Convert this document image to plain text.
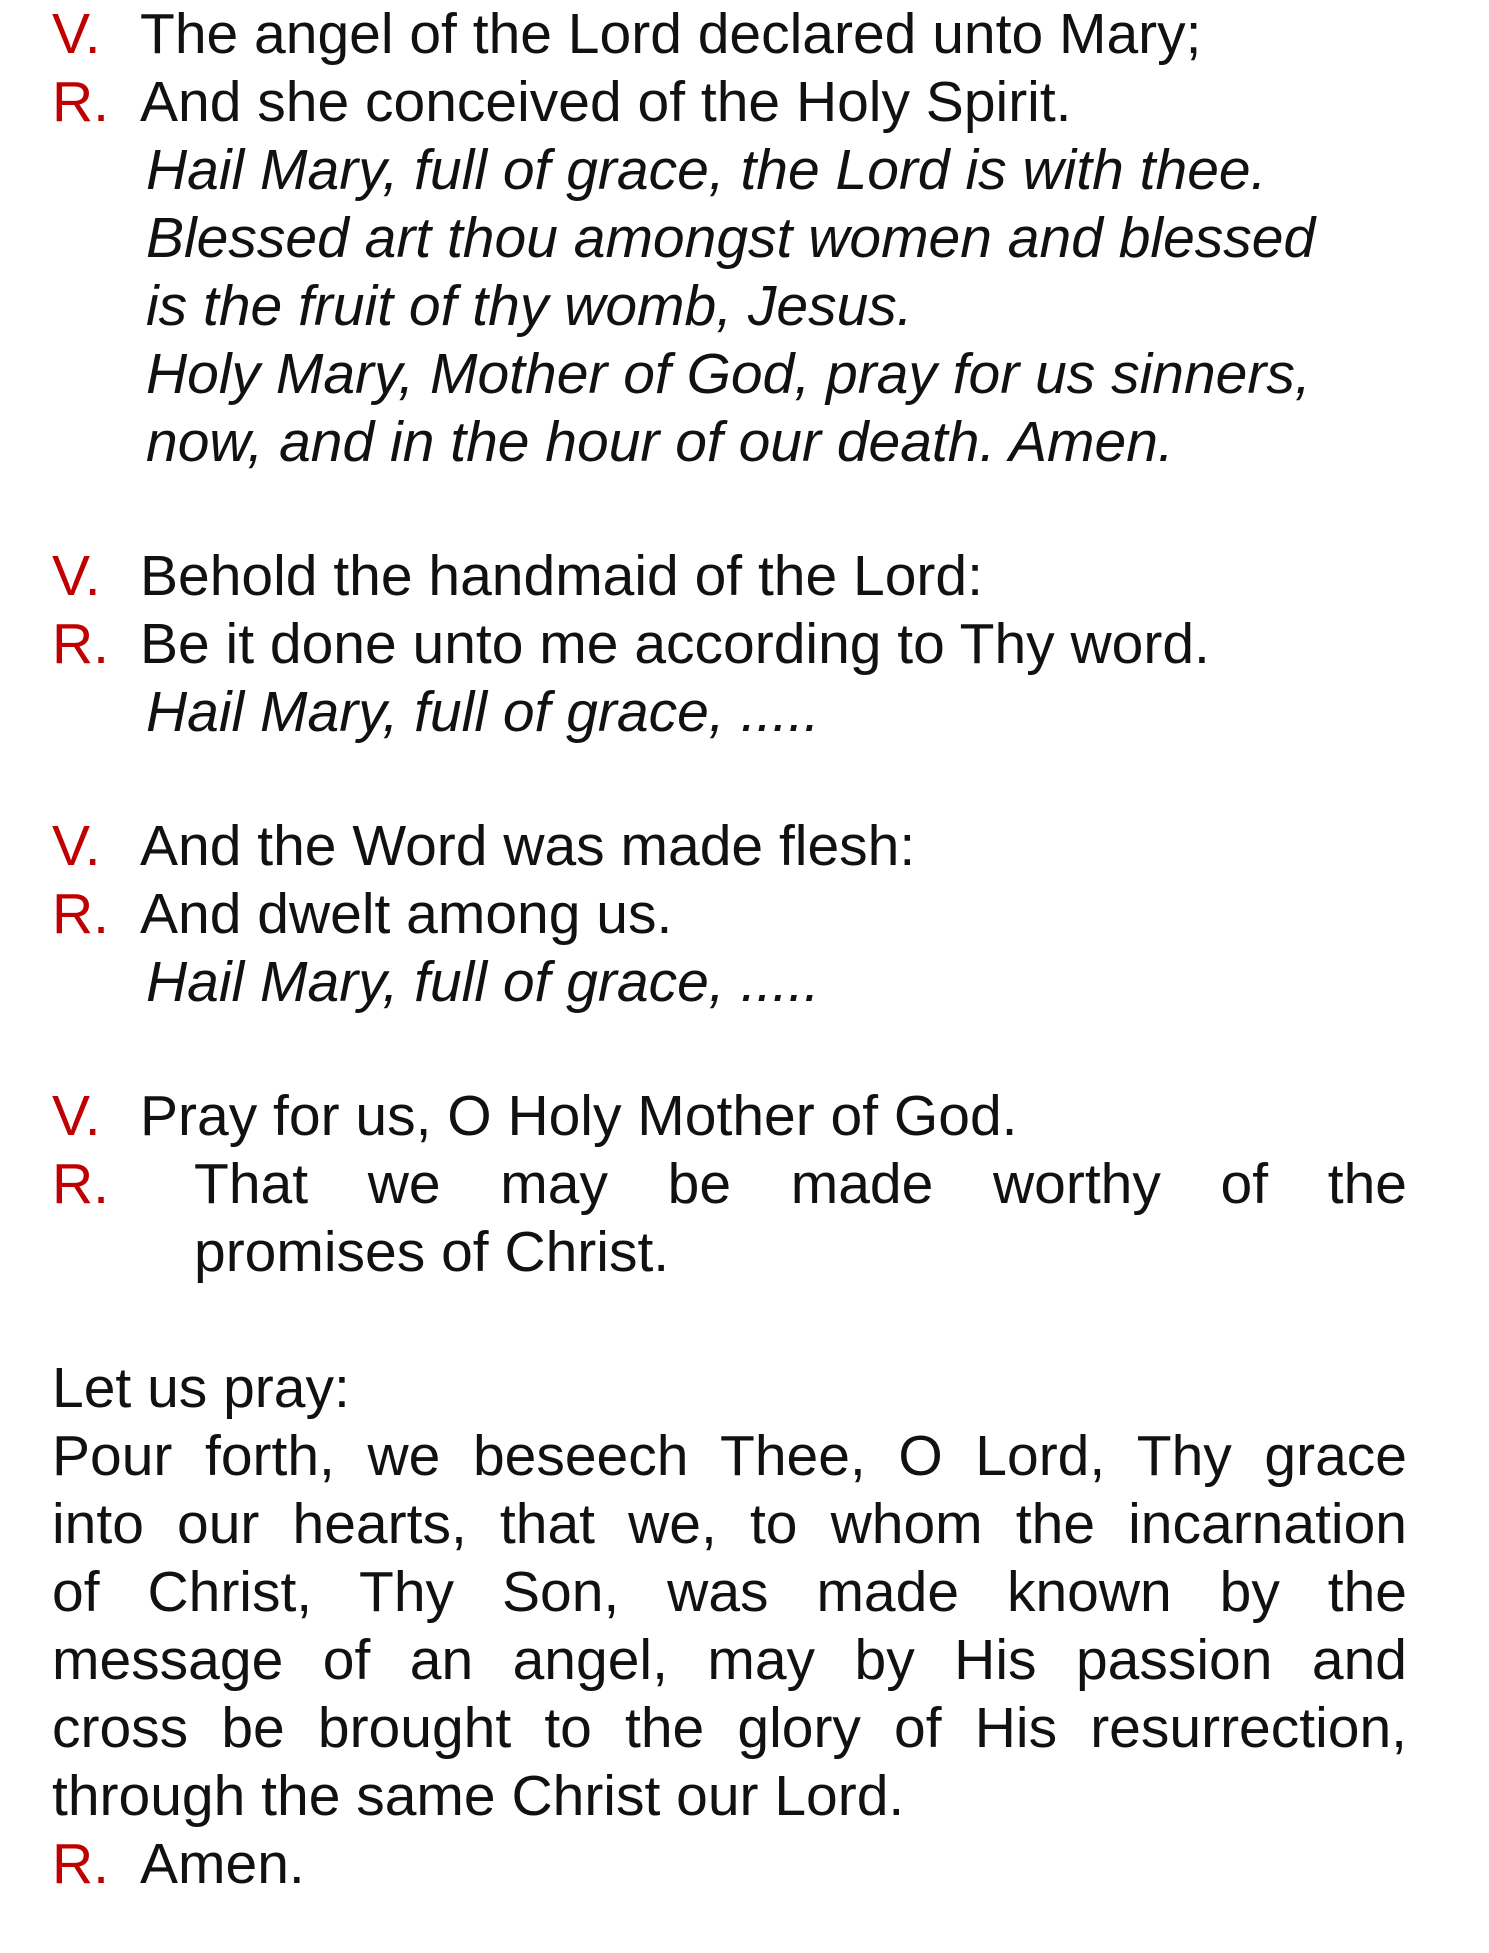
V. The angel of the Lord declared unto Mary;
R. And she conceived of the Holy Spirit.
Hail Mary, full of grace, the Lord is with thee.
Blessed art thou amongst women and blessed
is the fruit of thy womb, Jesus.
Holy Mary, Mother of God, pray for us sinners,
now, and in the hour of our death. Amen.
V. Behold the handmaid of the Lord:
R. Be it done unto me according to Thy word.
Hail Mary, full of grace, .....
V. And the Word was made flesh:
R. And dwelt among us.
Hail Mary, full of grace, .....
V. Pray for us, O Holy Mother of God.
R.	That we may be made worthy of the
promises of Christ.
Let us pray:
Pour forth, we beseech Thee, O Lord, Thy grace
into our hearts, that we, to whom the incarnation
of Christ, Thy Son, was made known by the
message of an angel, may by His passion and
cross be brought to the glory of His resurrection,
through the same Christ our Lord.
R. Amen.
